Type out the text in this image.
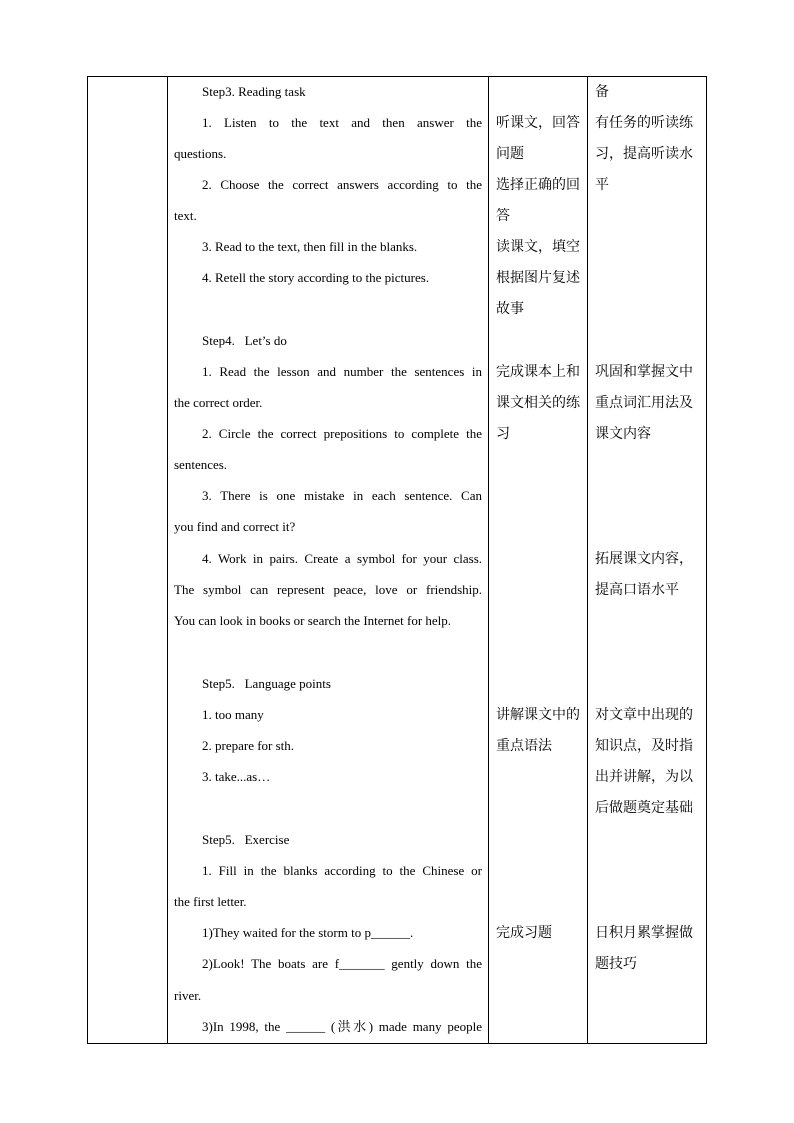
Step3. Reading task
1. Listen to the text and then answer the
questions.
2. Choose the correct answers according to the
text.
3. Read to the text, then fill in the blanks.
4. Retell the story according to the pictures.
Step4.   Let’s do
1. Read the lesson and number the sentences in
the correct order.
2. Circle the correct prepositions to complete the
sentences.
3. There is one mistake in each sentence. Can
you find and correct it?
4. Work in pairs. Create a symbol for your class.
The symbol can represent peace, love or friendship.
You can look in books or search the Internet for help.
Step5.   Language points
1. too many
2. prepare for sth.
3. take...as…
Step5.   Exercise
1. Fill in the blanks according to the Chinese or
the first letter.
1)They waited for the storm to p______.
2)Look! The boats are f_______ gently down the
river.
3)In 1998, the ______ (洪水) made many people
听课文，回答
问题
选择正确的回
答
读课文，填空
根据图片复述
故事
完成课本上和
课文相关的练
习
讲解课文中的
重点语法
完成习题
备
有任务的听读练
习，提高听读水
平
巩固和掌握文中
重点词汇用法及
课文内容
拓展课文内容，
提高口语水平
对文章中出现的
知识点，及时指
出并讲解，为以
后做题奠定基础
日积月累掌握做
题技巧
